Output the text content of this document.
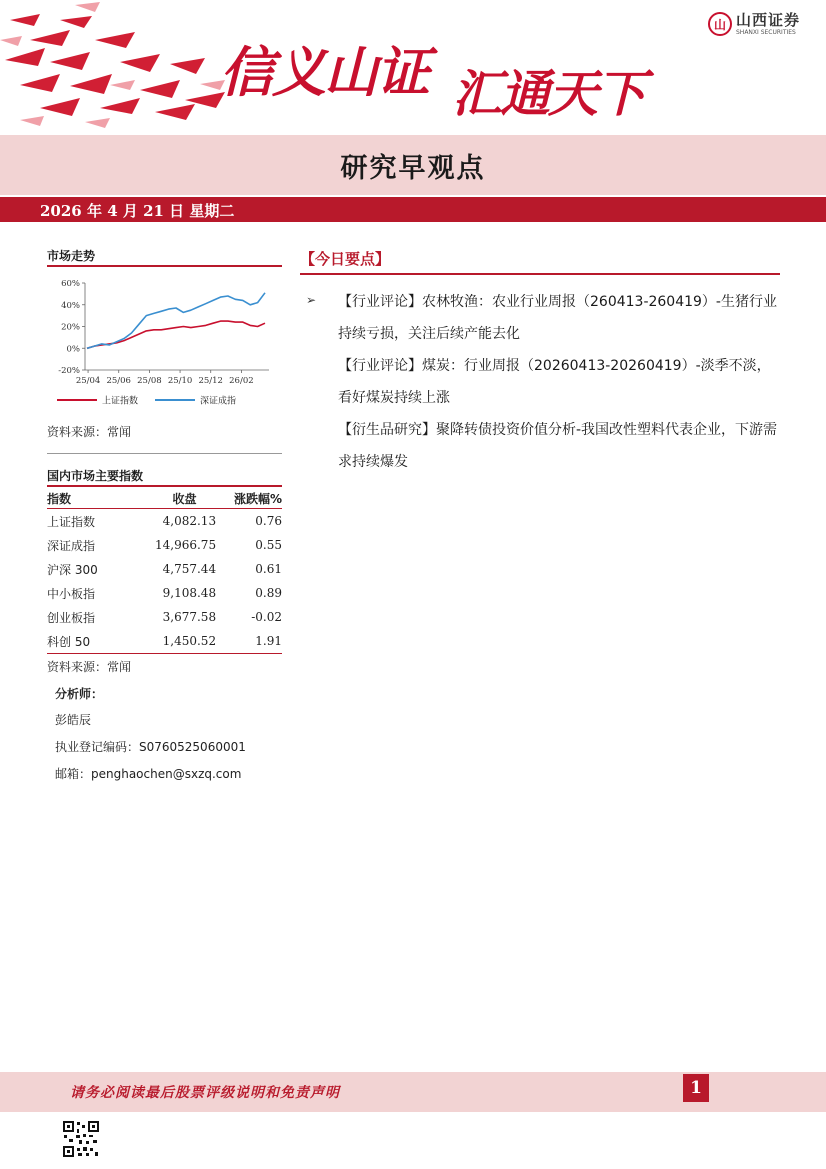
信义山证 汇通天下
山 山西证券
SHANXI SECURITIES
研究早观点
2026 年 4 月 21 日 星期二
市场走势
60%
40%
20%
0%
-20%
25/04 25/06 25/08 25/10 25/12 26/02
上证指数	深证成指
资料来源：常闻
国内市场主要指数
指数	收盘	涨跌幅%
上证指数	4,082.13	0.76
深证成指	14,966.75	0.55
沪深 300	4,757.44	0.61
中小板指	9,108.48	0.89
创业板指	3,677.58	-0.02
科创 50	1,450.52	1.91
资料来源：常闻
分析师：
彭皓辰
执业登记编码：S0760525060001
邮箱：penghaochen@sxzq.com
【今日要点】
➢ 【行业评论】农林牧渔：农业行业周报（260413-260419）-生猪行业持续亏损，关注后续产能去化
【行业评论】煤炭：行业周报（20260413-20260419）-淡季不淡，看好煤炭持续上涨
【衍生品研究】聚降转债投资价值分析-我国改性塑料代表企业，下游需求持续爆发
请务必阅读最后股票评级说明和免责声明	1
